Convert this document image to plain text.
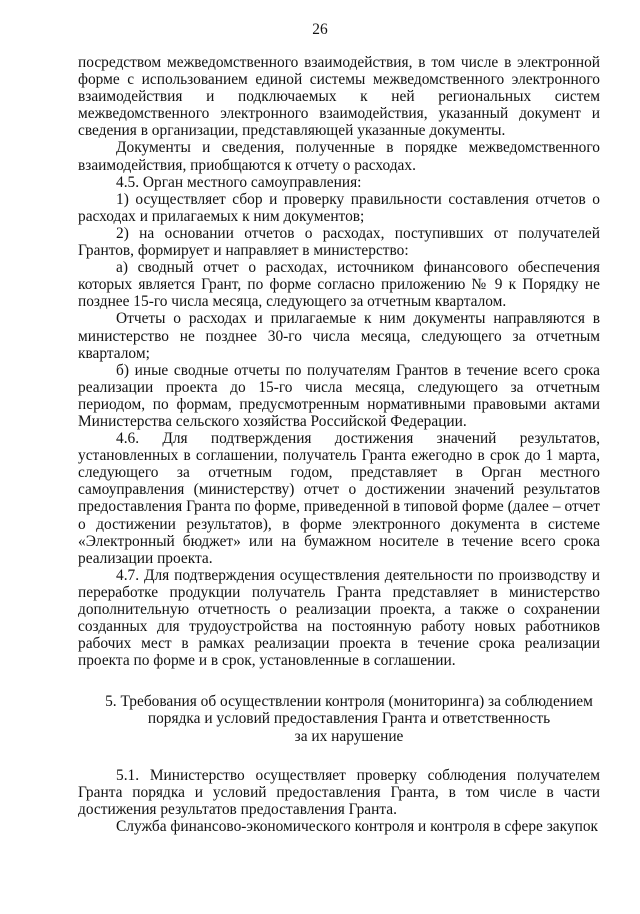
26

посредством межведомственного взаимодействия, в том числе в электронной форме с использованием единой системы межведомственного электронного взаимодействия и подключаемых к ней региональных систем межведомственного электронного взаимодействия, указанный документ и сведения в организации, представляющей указанные документы.

Документы и сведения, полученные в порядке межведомственного взаимодействия, приобщаются к отчету о расходах.

4.5. Орган местного самоуправления:

1) осуществляет сбор и проверку правильности составления отчетов о расходах и прилагаемых к ним документов;

2) на основании отчетов о расходах, поступивших от получателей Грантов, формирует и направляет в министерство:

а) сводный отчет о расходах, источником финансового обеспечения которых является Грант, по форме согласно приложению № 9 к Порядку не позднее 15-го числа месяца, следующего за отчетным кварталом.

Отчеты о расходах и прилагаемые к ним документы направляются в министерство не позднее 30-го числа месяца, следующего за отчетным кварталом;

б) иные сводные отчеты по получателям Грантов в течение всего срока реализации проекта до 15-го числа месяца, следующего за отчетным периодом, по формам, предусмотренным нормативными правовыми актами Министерства сельского хозяйства Российской Федерации.

4.6. Для подтверждения достижения значений результатов, установленных в соглашении, получатель Гранта ежегодно в срок до 1 марта, следующего за отчетным годом, представляет в Орган местного самоуправления (министерству) отчет о достижении значений результатов предоставления Гранта по форме, приведенной в типовой форме (далее – отчет о достижении результатов), в форме электронного документа в системе «Электронный бюджет» или на бумажном носителе в течение всего срока реализации проекта.

4.7. Для подтверждения осуществления деятельности по производству и переработке продукции получатель Гранта представляет в министерство дополнительную отчетность о реализации проекта, а также о сохранении созданных для трудоустройства на постоянную работу новых работников рабочих мест в рамках реализации проекта в течение срока реализации проекта по форме и в срок, установленные в соглашении.

5. Требования об осуществлении контроля (мониторинга) за соблюдением
порядка и условий предоставления Гранта и ответственность
за их нарушение

5.1. Министерство осуществляет проверку соблюдения получателем Гранта порядка и условий предоставления Гранта, в том числе в части достижения результатов предоставления Гранта.

Служба финансово-экономического контроля и контроля в сфере закупок
